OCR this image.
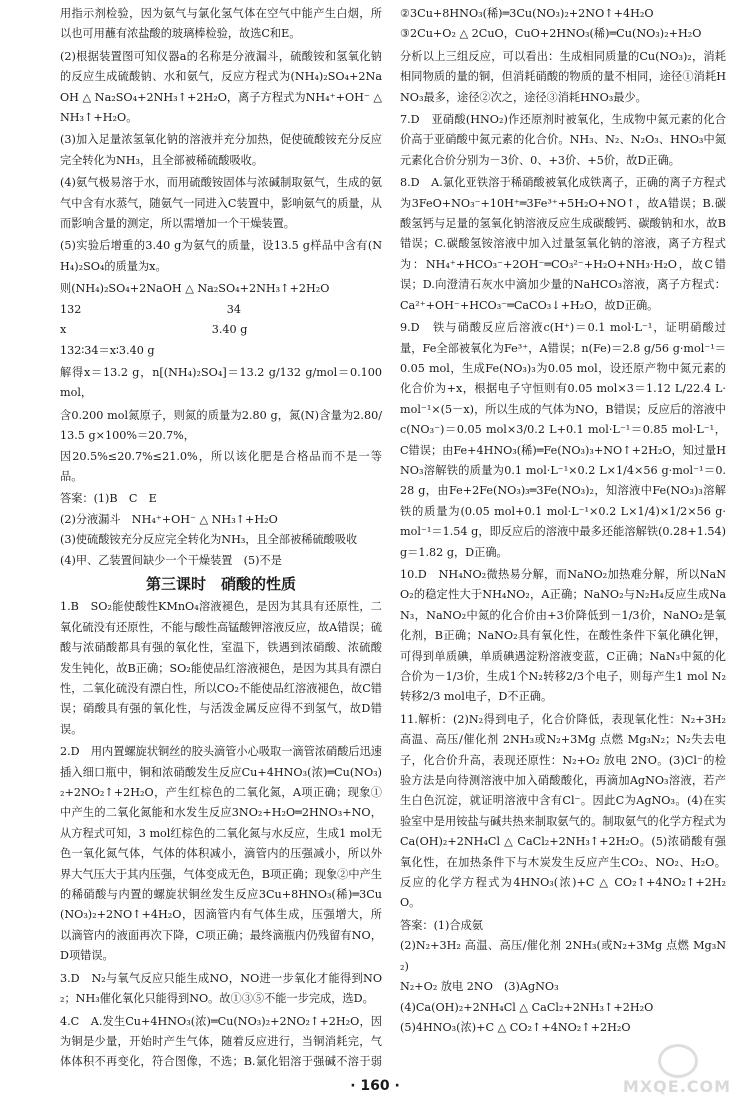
用指示剂检验，因为氨气与氯化氢气体在空气中能产生白烟，所以也可用蘸有浓盐酸的玻璃棒检验，故选C和E。

(2)根据装置图可知仪器a的名称是分液漏斗，硫酸铵和氢氧化钠的反应生成硫酸钠、水和氨气，反应方程式为(NH₄)₂SO₄+2NaOH △ Na₂SO₄+2NH₃↑+2H₂O，离子方程式为NH₄⁺+OH⁻ △ NH₃↑+H₂O。

(3)加入足量浓氢氧化钠的溶液并充分加热，促使硫酸铵充分反应完全转化为NH₃，且全部被稀硫酸吸收。

(4)氨气极易溶于水，而用硫酸铵固体与浓碱制取氨气，生成的氨气中含有水蒸气，随氨气一同进入C装置中，影响氨气的质量，从而影响含量的测定，所以需增加一个干燥装置。

(5)实验后增重的3.40 g为氨气的质量，设13.5 g样品中含有(NH₄)₂SO₄的质量为x。

则(NH₄)₂SO₄+2NaOH △ Na₂SO₄+2NH₃↑+2H₂O

132　　　　　　　　　　　　　34

x　　　　　　　　　　　　　3.40 g

132∶34＝x∶3.40 g

解得x＝13.2 g，n[(NH₄)₂SO₄]＝13.2 g/132 g/mol＝0.100 mol，

含0.200 mol氮原子，则氮的质量为2.80 g，氮(N)含量为2.80/13.5 g×100%＝20.7%，

因20.5%≤20.7%≤21.0%，所以该化肥是合格品而不是一等品。

答案：(1)B　C　E

(2)分液漏斗　NH₄⁺+OH⁻ △ NH₃↑+H₂O

(3)使硫酸铵充分反应完全转化为NH₃，且全部被稀硫酸吸收

(4)甲、乙装置间缺少一个干燥装置　(5)不是

第三课时　硝酸的性质

1.B　SO₂能使酸性KMnO₄溶液褪色，是因为其具有还原性，二氧化硫没有还原性，不能与酸性高锰酸钾溶液反应，故A错误；硫酸与浓硝酸都具有强的氧化性，室温下，铁遇到浓硝酸、浓硫酸发生钝化，故B正确；SO₂能使品红溶液褪色，是因为其具有漂白性，二氧化硫没有漂白性，所以CO₂不能使品红溶液褪色，故C错误；硝酸具有强的氧化性，与活泼金属反应得不到氢气，故D错误。

2.D　用内置螺旋状铜丝的胶头滴管小心吸取一滴管浓硝酸后迅速插入细口瓶中，铜和浓硝酸发生反应Cu+4HNO₃(浓)═Cu(NO₃)₂+2NO₂↑+2H₂O，产生红棕色的二氧化氮，A项正确；现象①中产生的二氧化氮能和水发生反应3NO₂+H₂O═2HNO₃+NO，从方程式可知，3 mol红棕色的二氧化氮与水反应，生成1 mol无色一氧化氮气体，气体的体积减小，滴管内的压强减小，所以外界大气压大于其内压强，气体变成无色，B项正确；现象②中产生的稀硝酸与内置的螺旋状铜丝发生反应3Cu+8HNO₃(稀)═3Cu(NO₃)₂+2NO↑+4H₂O，因滴管内有气体生成，压强增大，所以滴管内的液面再次下降，C项正确；最终滴瓶内仍残留有NO，D项错误。

3.D　N₂与氧气反应只能生成NO，NO进一步氧化才能得到NO₂；NH₃催化氧化只能得到NO。故①③⑤不能一步完成，选D。

4.C　A.发生Cu+4HNO₃(浓)═Cu(NO₃)₂+2NO₂↑+2H₂O，因为铜是少量，开始时产生气体，随着反应进行，当铜消耗完，气体体积不再变化，符合图像，不选；B.氯化铝溶于强碱不溶于弱

②3Cu+8HNO₃(稀)═3Cu(NO₃)₂+2NO↑+4H₂O

③2Cu+O₂ △ 2CuO，CuO+2HNO₃(稀)═Cu(NO₃)₂+H₂O

分析以上三组反应，可以看出：生成相同质量的Cu(NO₃)₂，消耗相同物质的量的铜，但消耗硝酸的物质的量不相同，途径①消耗HNO₃最多，途径②次之，途径③消耗HNO₃最少。

7.D　亚硝酸(HNO₂)作还原剂时被氧化，生成物中氮元素的化合价高于亚硝酸中氮元素的化合价。NH₃、N₂、N₂O₃、HNO₃中氮元素化合价分别为－3价、0、+3价、+5价，故D正确。

8.D　A.氯化亚铁溶于稀硝酸被氧化成铁离子，正确的离子方程式为3FeO+NO₃⁻+10H⁺═3Fe³⁺+5H₂O+NO↑，故A错误；B.碳酸氢钙与足量的氢氧化钠溶液反应生成碳酸钙、碳酸钠和水，故B错误；C.碳酸氢铵溶液中加入过量氢氧化钠的溶液，离子方程式为：NH₄⁺+HCO₃⁻+2OH⁻═CO₃²⁻+H₂O+NH₃·H₂O，故C错误；D.向澄清石灰水中滴加少量的NaHCO₃溶液，离子方程式：Ca²⁺+OH⁻+HCO₃⁻═CaCO₃↓+H₂O，故D正确。

9.D　铁与硝酸反应后溶液c(H⁺)＝0.1 mol·L⁻¹，证明硝酸过量，Fe全部被氧化为Fe³⁺，A错误；n(Fe)＝2.8 g/56 g·mol⁻¹＝0.05 mol，生成Fe(NO₃)₃为0.05 mol，设还原产物中氮元素的化合价为+x，根据电子守恒则有0.05 mol×3＝1.12 L/22.4 L·mol⁻¹×(5－x)，所以生成的气体为NO，B错误；反应后的溶液中c(NO₃⁻)＝0.05 mol×3/0.2 L+0.1 mol·L⁻¹＝0.85 mol·L⁻¹，C错误；由Fe+4HNO₃(稀)═Fe(NO₃)₃+NO↑+2H₂O，知过量HNO₃溶解铁的质量为0.1 mol·L⁻¹×0.2 L×1/4×56 g·mol⁻¹＝0.28 g，由Fe+2Fe(NO₃)₃═3Fe(NO₃)₂，知溶液中Fe(NO₃)₃溶解铁的质量为(0.05 mol+0.1 mol·L⁻¹×0.2 L×1/4)×1/2×56 g·mol⁻¹＝1.54 g，即反应后的溶液中最多还能溶解铁(0.28+1.54)g＝1.82 g，D正确。

10.D　NH₄NO₂微热易分解，而NaNO₂加热难分解，所以NaNO₂的稳定性大于NH₄NO₂，A正确；NaNO₂与N₂H₄反应生成NaN₃，NaNO₂中氮的化合价由+3价降低到－1/3价，NaNO₂是氧化剂，B正确；NaNO₂具有氧化性，在酸性条件下氧化碘化钾，可得到单质碘，单质碘遇淀粉溶液变蓝，C正确；NaN₃中氮的化合价为－1/3价，生成1个N₂转移2/3个电子，则每产生1 mol N₂转移2/3 mol电子，D不正确。

11.解析：(2)N₂得到电子，化合价降低，表现氧化性：N₂+3H₂ 高温、高压/催化剂 2NH₃或N₂+3Mg 点燃 Mg₃N₂；N₂失去电子，化合价升高，表现还原性：N₂+O₂ 放电 2NO。(3)Cl⁻的检验方法是向待测溶液中加入硝酸酸化，再滴加AgNO₃溶液，若产生白色沉淀，就证明溶液中含有Cl⁻。因此C为AgNO₃。(4)在实验室中是用铵盐与碱共热来制取氨气的。制取氨气的化学方程式为Ca(OH)₂+2NH₄Cl △ CaCl₂+2NH₃↑+2H₂O。(5)浓硝酸有强氧化性，在加热条件下与木炭发生反应产生CO₂、NO₂、H₂O。反应的化学方程式为4HNO₃(浓)+C △ CO₂↑+4NO₂↑+2H₂O。

答案：(1)合成氨

(2)N₂+3H₂ 高温、高压/催化剂 2NH₃(或N₂+3Mg 点燃 Mg₃N₂)

N₂+O₂ 放电 2NO　(3)AgNO₃

(4)Ca(OH)₂+2NH₄Cl △ CaCl₂+2NH₃↑+2H₂O

(5)4HNO₃(浓)+C △ CO₂↑+4NO₂↑+2H₂O

· 160 ·	MXQE.COM
